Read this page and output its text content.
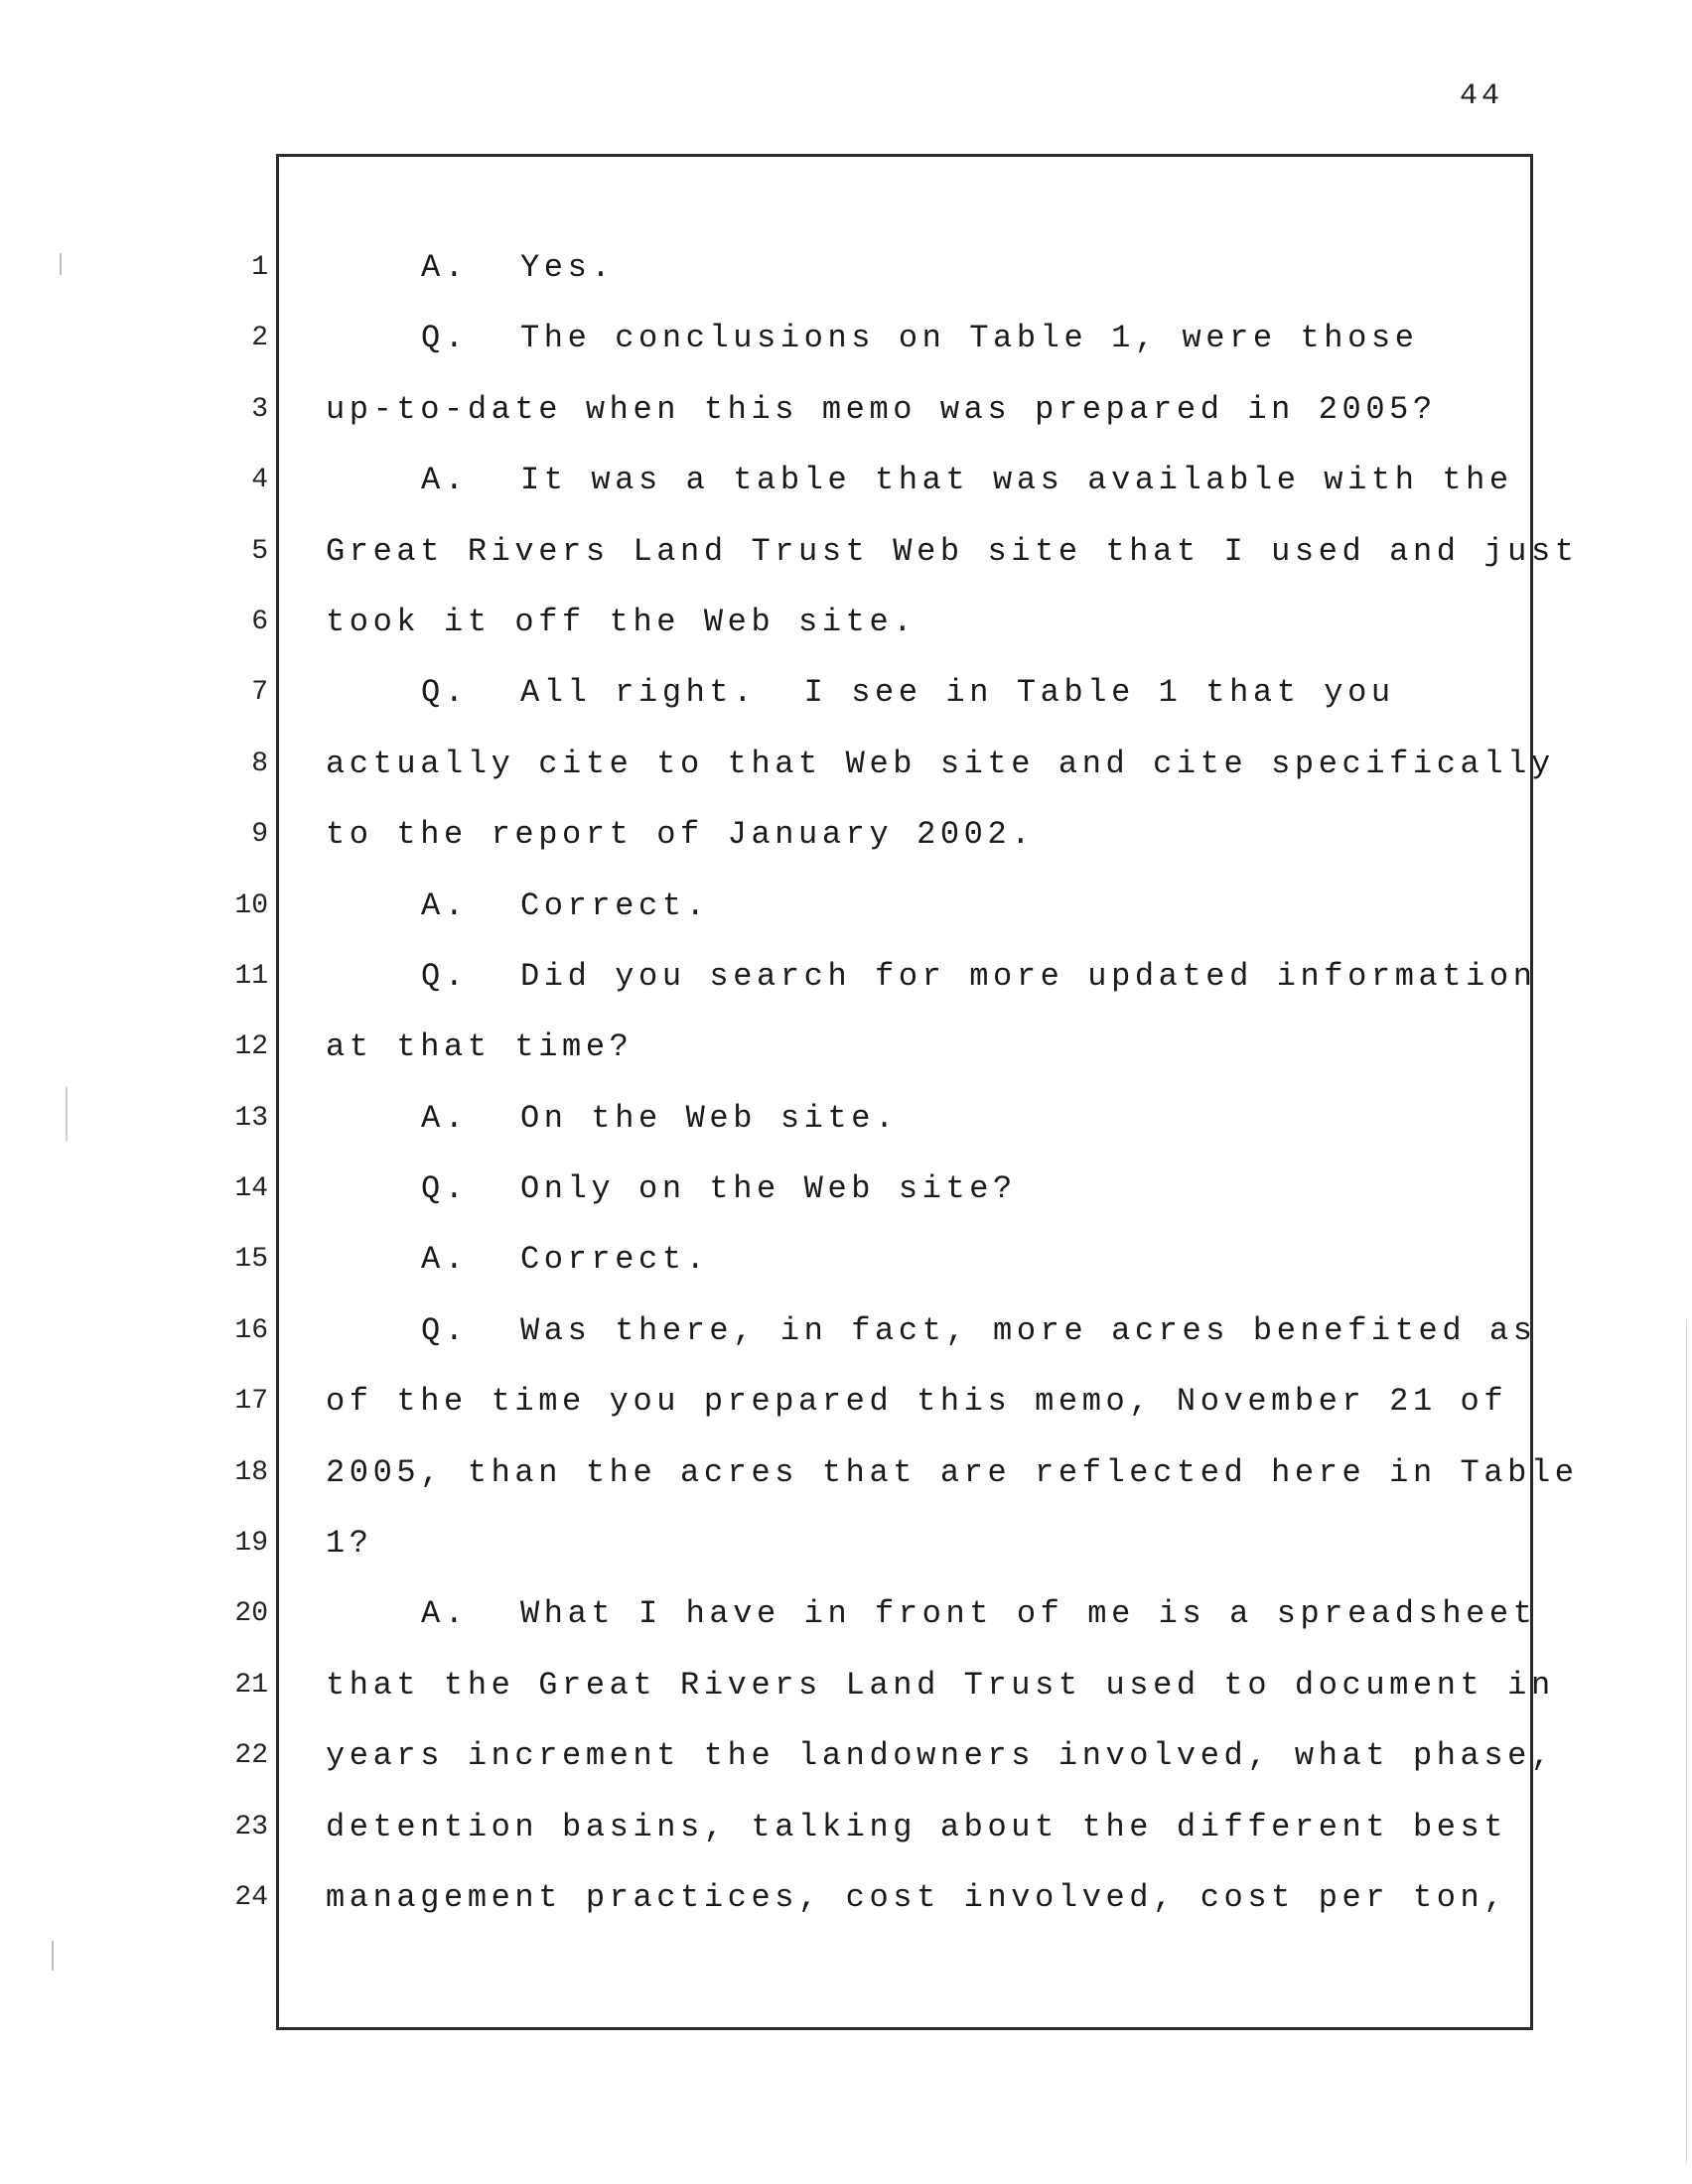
44
1
2
3
4
5
6
7
8
9
10
11
12
13
14
15
16
17
18
19
20
21
22
23
24
A. Yes.
Q. The conclusions on Table 1, were those
up-to-date when this memo was prepared in 2005?
A. It was a table that was available with the
Great Rivers Land Trust Web site that I used and just
took it off the Web site.
Q. All right.  I see in Table 1 that you
actually cite to that Web site and cite specifically
to the report of January 2002.
A. Correct.
Q. Did you search for more updated information
at that time?
A. On the Web site.
Q. Only on the Web site?
A. Correct.
Q. Was there, in fact, more acres benefited as
of the time you prepared this memo, November 21 of
2005, than the acres that are reflected here in Table
1?
A. What I have in front of me is a spreadsheet
that the Great Rivers Land Trust used to document in
years increment the landowners involved, what phase,
detention basins, talking about the different best
management practices, cost involved, cost per ton,
